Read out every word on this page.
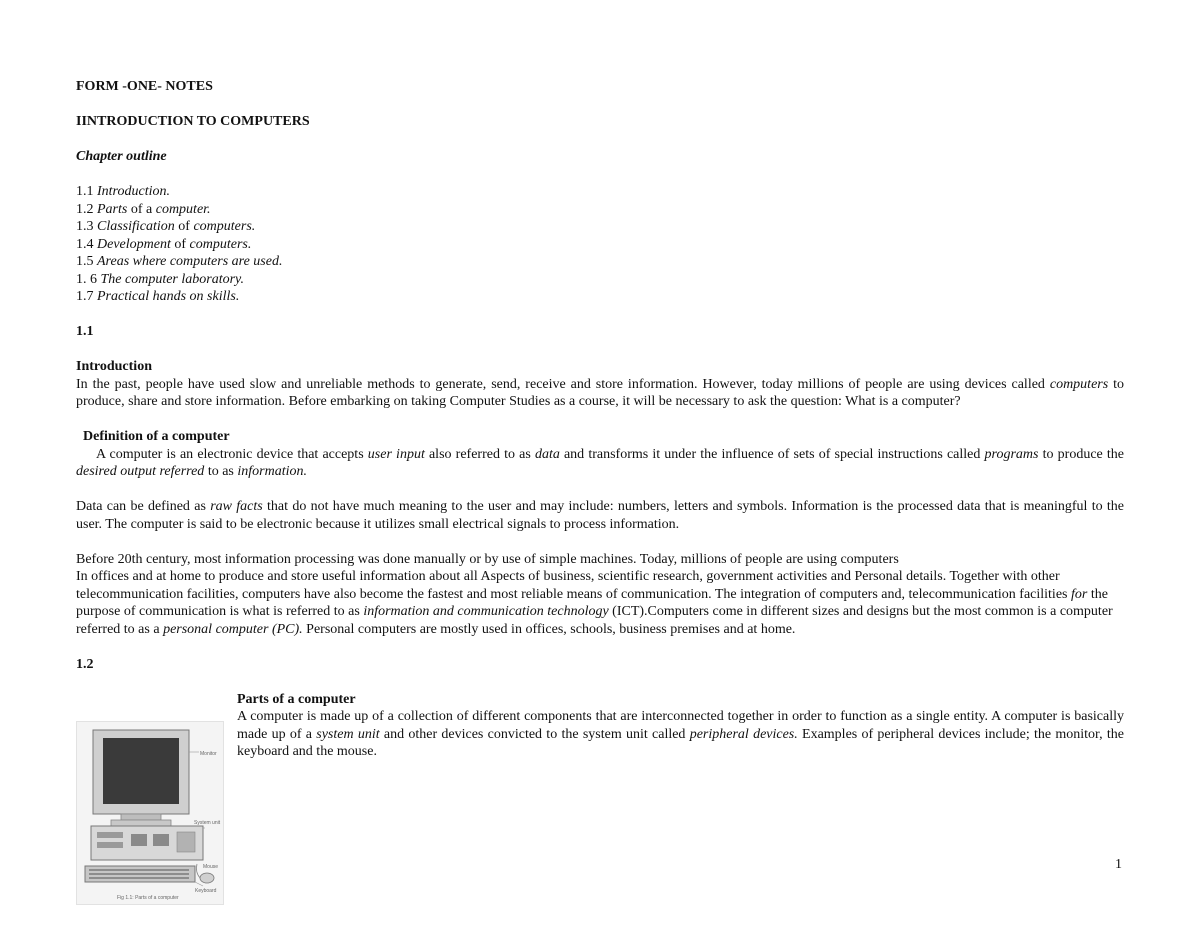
FORM -ONE- NOTES

IINTRODUCTION TO COMPUTERS

Chapter outline

1.1 Introduction.
1.2 Parts of a computer.
1.3 Classification of computers.
1.4 Development of computers.
1.5 Areas where computers are used.
1. 6 The computer laboratory.
1.7 Practical hands on skills.

1.1

Introduction

In the past, people have used slow and unreliable methods to generate, send, receive and store information. However, today millions of people are using devices called computers to produce, share and store information. Before embarking on taking Computer Studies as a course, it will be necessary to ask the question: What is a computer?

Definition of a computer

A computer is an electronic device that accepts user input also referred to as data and transforms it under the influence of sets of special instructions called programs to produce the desired output referred to as information.

Data can be defined as raw facts that do not have much meaning to the user and may include: numbers, letters and symbols. Information is the processed data that is meaningful to the user. The computer is said to be electronic because it utilizes small electrical signals to process information.

Before 20th century, most information processing was done manually or by use of simple machines. Today, millions of people are using computers

In offices and at home to produce and store useful information about all Aspects of business, scientific research, government activities and Personal details. Together with other telecommunication facilities, computers have also become the fastest and most reliable means of communication. The integration of computers and, telecommunication facilities for the purpose of communication is what is referred to as information and communication technology (ICT).Computers come in different sizes and designs but the most common is a computer referred to as a personal computer (PC). Personal computers are mostly used in offices, schools, business premises and at home.

1.2

Monitor
System unit
Mouse
Keyboard
Fig 1.1: Parts of a computer

Parts of a computer

A computer is made up of a collection of different components that are interconnected together in order to function as a single entity. A computer is basically made up of a system unit and other devices convicted to the system unit called peripheral devices. Examples of peripheral devices include; the monitor, the keyboard and the mouse.

1
